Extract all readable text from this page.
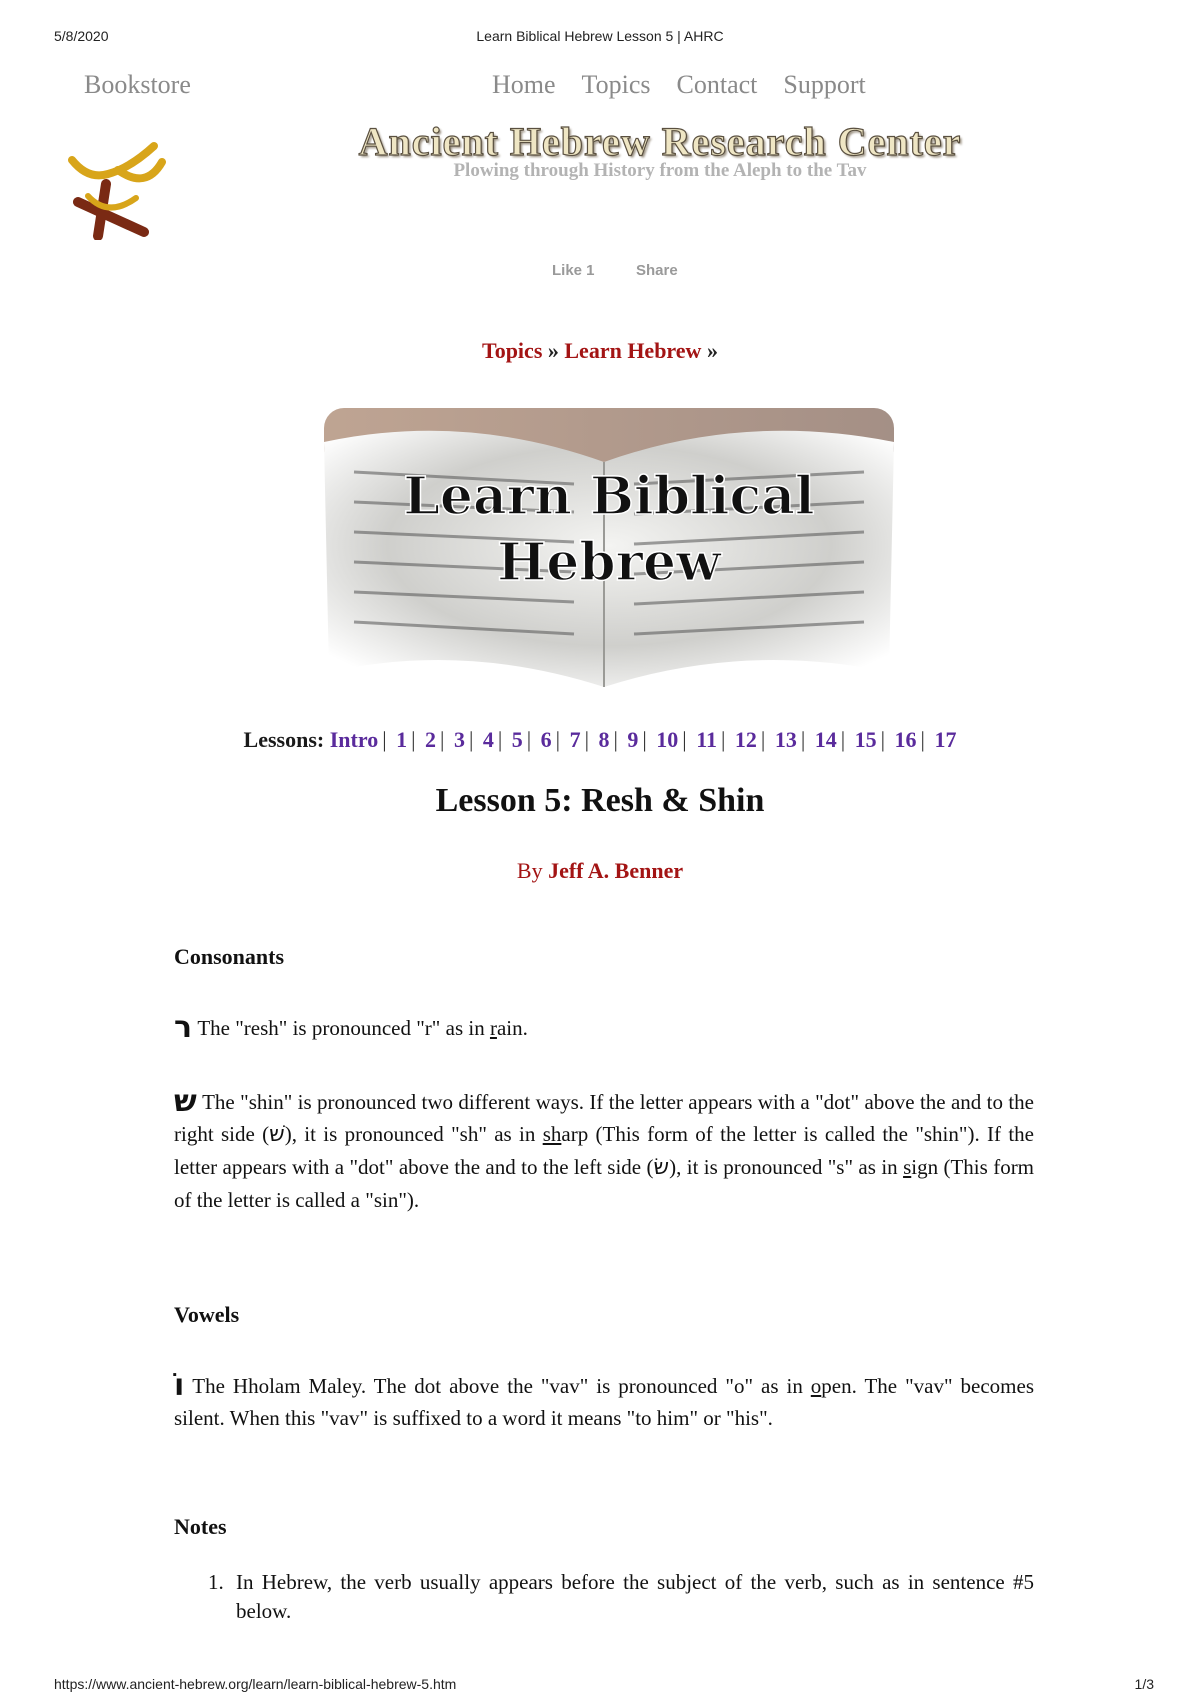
5/8/2020	Learn Biblical Hebrew Lesson 5 | AHRC
Bookstore	Home Topics Contact Support
Ancient Hebrew Research Center
Plowing through History from the Aleph to the Tav
Like 1	Share
Topics » Learn Hebrew »
Learn Biblical
Hebrew
Lessons: Intro | 1 | 2 | 3 | 4 | 5 | 6 | 7 | 8 | 9 | 10 | 11 | 12 | 13 | 14 | 15 | 16 | 17
Lesson 5: Resh & Shin
By Jeff A. Benner
Consonants
ר The "resh" is pronounced "r" as in rain.
ש The "shin" is pronounced two different ways. If the letter appears with a "dot" above the and to the right side (שׁ), it is pronounced "sh" as in sharp (This form of the letter is called the "shin"). If the letter appears with a "dot" above the and to the left side (שׂ), it is pronounced "s" as in sign (This form of the letter is called a "sin").
Vowels
וֹ The Hholam Maley. The dot above the "vav" is pronounced "o" as in open. The "vav" becomes silent. When this "vav" is suffixed to a word it means "to him" or "his".
Notes
1. In Hebrew, the verb usually appears before the subject of the verb, such as in sentence #5 below.
https://www.ancient-hebrew.org/learn/learn-biblical-hebrew-5.htm	1/3
